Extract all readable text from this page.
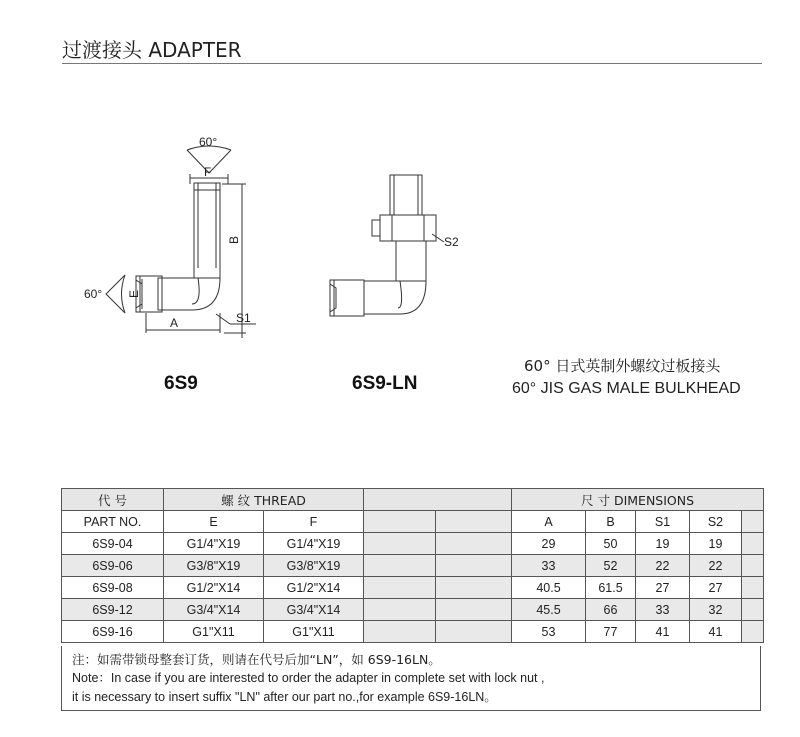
过渡接头 ADAPTER
60°
F
B
60° E
A	S1
S2
6S9	6S9-LN
60° 日式英制外螺纹过板接头
60° JIS GAS MALE BULKHEAD
代 号	螺 纹 THREAD				尺 寸 DIMENSIONS				
PART NO.	E	F			A	B	S1	S2	
6S9-04	G1/4"X19	G1/4"X19			29	50	19	19	
6S9-06	G3/8"X19	G3/8"X19			33	52	22	22	
6S9-08	G1/2"X14	G1/2"X14			40.5	61.5	27	27	
6S9-12	G3/4"X14	G3/4"X14			45.5	66	33	32	
6S9-16	G1"X11	G1"X11			53	77	41	41	
注：如需带锁母整套订货，则请在代号后加“LN”，如 6S9-16LN。
Note：In case if you are interested to order the adapter in complete set with lock nut ,
it is necessary to insert suffix "LN" after our part no.,for example 6S9-16LN。
